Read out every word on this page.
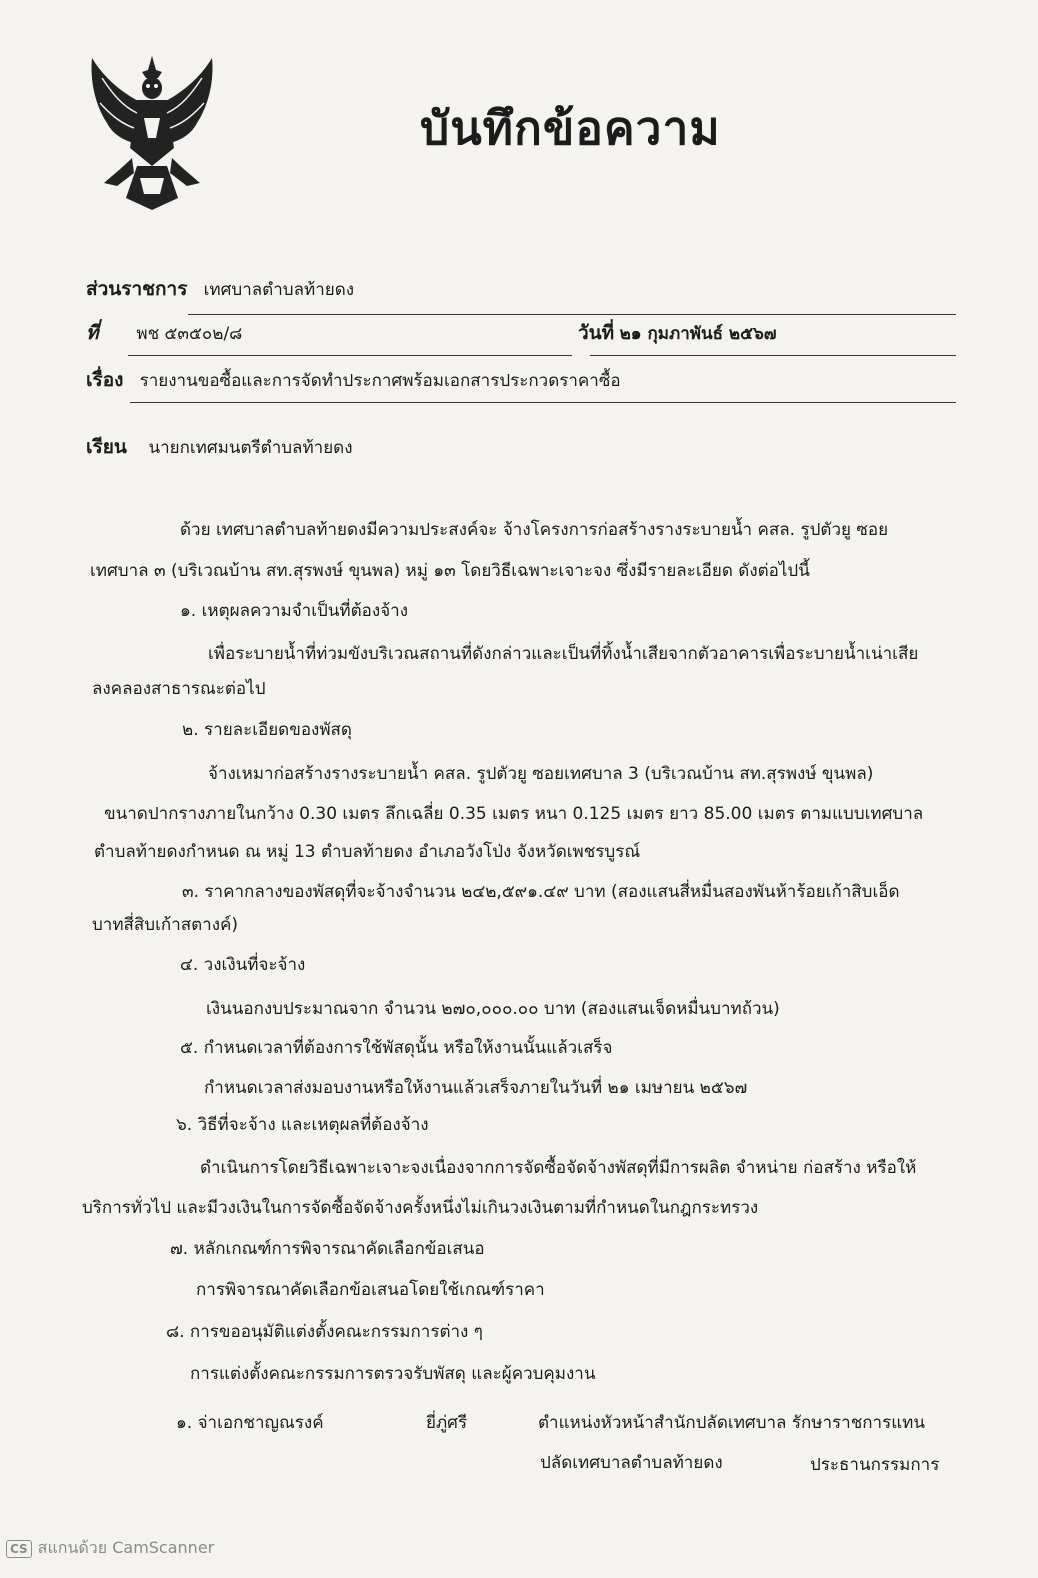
บันทึกข้อความ
ส่วนราชการ เทศบาลตำบลท้ายดง
ที่ พช ๕๓๕๐๒/๘	วันที่ ๒๑ กุมภาพันธ์ ๒๕๖๗
เรื่อง รายงานขอซื้อและการจัดทำประกาศพร้อมเอกสารประกวดราคาซื้อ
เรียน นายกเทศมนตรีตำบลท้ายดง
ด้วย เทศบาลตำบลท้ายดงมีความประสงค์จะ จ้างโครงการก่อสร้างรางระบายน้ำ คสล. รูปตัวยู ซอย
เทศบาล ๓ (บริเวณบ้าน สท.สุรพงษ์ ขุนพล) หมู่ ๑๓ โดยวิธีเฉพาะเจาะจง ซึ่งมีรายละเอียด ดังต่อไปนี้
๑. เหตุผลความจำเป็นที่ต้องจ้าง
เพื่อระบายน้ำที่ท่วมขังบริเวณสถานที่ดังกล่าวและเป็นที่ทิ้งน้ำเสียจากตัวอาคารเพื่อระบายน้ำเน่าเสีย
ลงคลองสาธารณะต่อไป
๒. รายละเอียดของพัสดุ
จ้างเหมาก่อสร้างรางระบายน้ำ คสล. รูปตัวยู ซอยเทศบาล 3 (บริเวณบ้าน สท.สุรพงษ์ ขุนพล)
ขนาดปากรางภายในกว้าง 0.30 เมตร ลึกเฉลี่ย 0.35 เมตร หนา 0.125 เมตร ยาว 85.00 เมตร ตามแบบเทศบาล
ตำบลท้ายดงกำหนด ณ หมู่ 13 ตำบลท้ายดง อำเภอวังโป่ง จังหวัดเพชรบูรณ์
๓. ราคากลางของพัสดุที่จะจ้างจำนวน ๒๔๒,๕๙๑.๔๙ บาท (สองแสนสี่หมื่นสองพันห้าร้อยเก้าสิบเอ็ด
บาทสี่สิบเก้าสตางค์)
๔. วงเงินที่จะจ้าง
เงินนอกงบประมาณจาก จำนวน ๒๗๐,๐๐๐.๐๐ บาท (สองแสนเจ็ดหมื่นบาทถ้วน)
๕. กำหนดเวลาที่ต้องการใช้พัสดุนั้น หรือให้งานนั้นแล้วเสร็จ
กำหนดเวลาส่งมอบงานหรือให้งานแล้วเสร็จภายในวันที่ ๒๑ เมษายน ๒๕๖๗
๖. วิธีที่จะจ้าง และเหตุผลที่ต้องจ้าง
ดำเนินการโดยวิธีเฉพาะเจาะจงเนื่องจากการจัดซื้อจัดจ้างพัสดุที่มีการผลิต จำหน่าย ก่อสร้าง หรือให้
บริการทั่วไป และมีวงเงินในการจัดซื้อจัดจ้างครั้งหนึ่งไม่เกินวงเงินตามที่กำหนดในกฎกระทรวง
๗. หลักเกณฑ์การพิจารณาคัดเลือกข้อเสนอ
การพิจารณาคัดเลือกข้อเสนอโดยใช้เกณฑ์ราคา
๘. การขออนุมัติแต่งตั้งคณะกรรมการต่าง ๆ
การแต่งตั้งคณะกรรมการตรวจรับพัสดุ และผู้ควบคุมงาน
๑. จ่าเอกชาญณรงค์	ยี่ภู่ศรี	ตำแหน่งหัวหน้าสำนักปลัดเทศบาล รักษาราชการแทน
ปลัดเทศบาลตำบลท้ายดง	ประธานกรรมการ
CS สแกนด้วย CamScanner
